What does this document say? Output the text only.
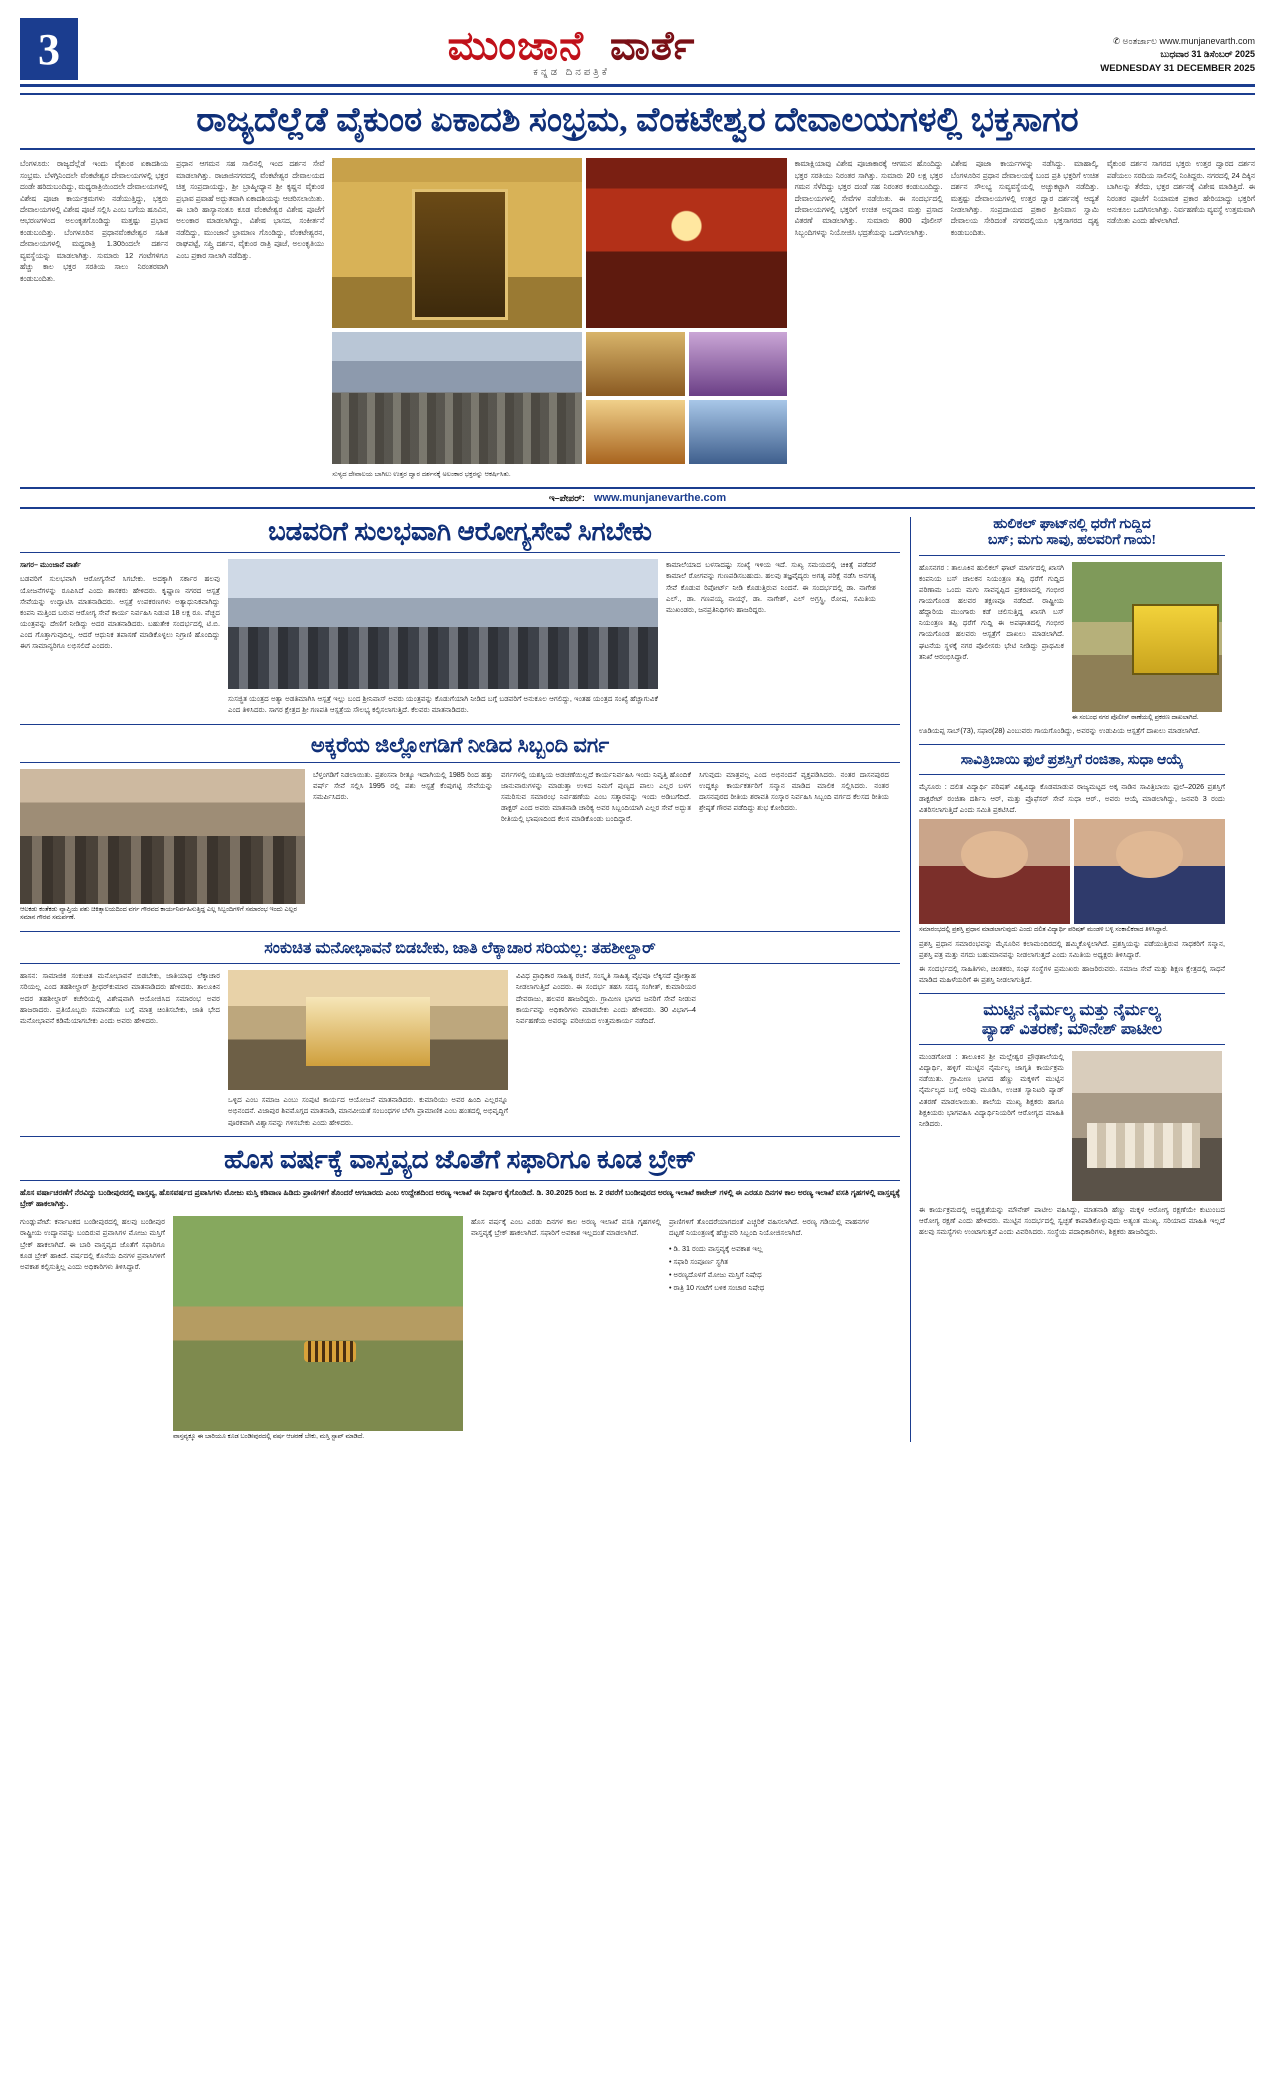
3	ಮುಂಜಾನೆ ವಾರ್ತೆ
ಕನ್ನಡ ದಿನಪತ್ರಿಕೆ
✆ ಅಂತರ್ಜಾಲ www.munjanevarth.com
ಬುಧವಾರ 31 ಡಿಸೆಂಬರ್ 2025
WEDNESDAY 31 DECEMBER 2025
ರಾಜ್ಯದೆಲ್ಲೆಡೆ ವೈಕುಂಠ ಏಕಾದಶಿ ಸಂಭ್ರಮ, ವೆಂಕಟೇಶ್ವರ ದೇವಾಲಯಗಳಲ್ಲಿ ಭಕ್ತಸಾಗರ
ಬೆಂಗಳೂರು: ರಾಜ್ಯದೆಲ್ಲೆಡೆ ಇಂದು ವೈಕುಂಠ ಏಕಾದಶಿಯ ಸಂಭ್ರಮ. ಬೆಳಗ್ಗಿನಿಂದಲೇ ವೆಂಕಟೇಶ್ವರ ದೇವಾಲಯಗಳಲ್ಲಿ ಭಕ್ತರ ದಂಡೇ ಹರಿದುಬಂದಿದ್ದು, ಮಧ್ಯರಾತ್ರಿಯಿಂದಲೇ ದೇವಾಲಯಗಳಲ್ಲಿ ವಿಶೇಷ ಪೂಜಾ ಕಾರ್ಯಕ್ರಮಗಳು ನಡೆಯುತ್ತಿದ್ದು, ಭಕ್ತರು ದೇವಾಲಯಗಳಲ್ಲಿ ವಿಶೇಷ ಪೂಜೆ ಸಲ್ಲಿಸಿ ಎಂಬ ಬಗೆಯ ಹೂವಿನ, ಆಭರಣಗಳಿಂದ ಅಲಂಕೃತಗೊಂಡಿದ್ದು ಮತ್ತಷ್ಟು ಪ್ರಭಾವ ಕಂಡುಬಂದಿತ್ತು. ಬೆಂಗಳೂರಿನ ಪ್ರಧಾನವೆಂಕಟೇಶ್ವರ ಸಹಿತ ದೇವಾಲಯಗಳಲ್ಲಿ ಮಧ್ಯರಾತ್ರಿ 1.30ರಿಂದಲೇ ದರ್ಶನ ವ್ಯವಸ್ಥೆಯನ್ನು ಮಾಡಲಾಗಿತ್ತು. ಸುಮಾರು 12 ಗಂಟೆಗಳಿಗೂ ಹೆಚ್ಚು ಕಾಲ ಭಕ್ತರ ಸರತಿಯ ಸಾಲು ನಿರಂತರವಾಗಿ ಕಂಡುಬಂದಿತು.
ಪ್ರಧಾನ ಆಗಮನ ಸಹ ಸಾಲಿನಲ್ಲಿ ಇಂದ ದರ್ಶನ ಸೇವೆ ಮಾಡಲಾಗಿತ್ತು. ರಾಜಾಜಿನಗರದಲ್ಲಿ ವೆಂಕಟೇಶ್ವರ ದೇವಾಲಯದ ಚಿತ್ತ ಸಂಪ್ರದಾಯದ್ದು, ಶ್ರೀ ಬ್ರಾಹ್ಮೀಧ್ಯಾನ ಶ್ರೀ ಕೃಷ್ಣನ ವೈಕುಂಠ ಪ್ರಭಾವ ಪ್ರವಾಹೆ ಅದ್ಭುತವಾಗಿ ಏಕಾದಶಿಯನ್ನು ಆಚರಿಸಲಾಯಿತು. ಈ ಬಾರಿ ಹಾಸ್ಯಾನಂತೂ ಕೂಡ ವೆಂಕಟೇಶ್ವರ ವಿಶೇಷ ಪೂಜೆಗೆ ಅಲಂಕಾರ ಮಾಡಲಾಗಿದ್ದು, ವಿಶೇಷ ಭಾಸದ, ಸಂಕೀರ್ತನೆ ನಡೆದಿದ್ದು, ಮುಂಜಾನೆ ಭ್ರಾಮಾಣ ಗೊಂಡಿದ್ದು, ವೆಂಕಟೇಶ್ವರನ, ರಾಘಪಟ್ಟೆ, ಸಪ್ತ್ರಿ ದರ್ಶನ, ವೈಕುಂಠ ರಾತ್ರಿ ಪೂಜೆ, ಅಲಂಕೃತಿಯು ಎಂಬ ಪ್ರಕಾರ ಸಾಲಾಗಿ ನಡೆದಿತ್ತು.
ಸುಳ್ಯದ ದೇವಾಲಯ ಬಾಗಿಲು ಉತ್ತರ ದ್ವಾರ ದರ್ಶನಕ್ಕೆ ಅಲಂಕಾರ ಭಕ್ತರನ್ನು ಆಕರ್ಷಿಸಿತು.
ಕಾಮಾಕ್ಷಿಯಾವು ವಿಶೇಷ ಪೂಜಾಕಾರಕ್ಕೆ ಆಗಮನ ಹೊಂದಿದ್ದು ಭಕ್ತರ ಸರತಿಯು ನಿರಂತರ ಸಾಗಿತ್ತು. ಸುಮಾರು 20 ಲಕ್ಷ ಭಕ್ತರ ಗಮನ ಸೆಳೆದಿದ್ದು ಭಕ್ತರ ದಂಡೆ ಸಹ ನಿರಂತರ ಕಂಡುಬಂದಿದ್ದು. ದೇವಾಲಯಗಳಲ್ಲಿ ಸೇವೆಗಳ ನಡೆಯಿತು. ಈ ಸಂದರ್ಭದಲ್ಲಿ ದೇವಾಲಯಗಳಲ್ಲಿ ಭಕ್ತರಿಗೆ ಉಚಿತ ಅನ್ನದಾನ ಮತ್ತು ಪ್ರಸಾದ ವಿತರಣೆ ಮಾಡಲಾಗಿತ್ತು. ಸುಮಾರು 800 ಪೊಲೀಸ್ ಸಿಬ್ಬಂದಿಗಳನ್ನು ನಿಯೋಜಿಸಿ ಭದ್ರತೆಯನ್ನು ಒದಗಿಸಲಾಗಿತ್ತು.
ವಿಶೇಷ ಪೂಜಾ ಕಾರ್ಯಗಳನ್ನು ನಡೆಸಿದ್ದು. ಮಾಹಾಲ್ಕಿ, ಬೆಂಗಳೂರಿನ ಪ್ರಧಾನ ದೇವಾಲಯಕ್ಕೆ ಬಂದ ಪ್ರತಿ ಭಕ್ತರಿಗೆ ಉಚಿತ ದರ್ಶನ ಸೌಲಭ್ಯ ಸುವ್ಯವಸ್ಥೆಯಲ್ಲಿ ಅಚ್ಚುಕಟ್ಟಾಗಿ ನಡೆದಿತ್ತು. ಮತ್ತಷ್ಟು ದೇವಾಲಯಗಳಲ್ಲಿ ಉತ್ತರ ದ್ವಾರ ದರ್ಶನಕ್ಕೆ ಆದ್ಯತೆ ನೀಡಲಾಗಿತ್ತು. ಸಂಪ್ರದಾಯದ ಪ್ರಕಾರ ಶ್ರೀನಿವಾಸ ಸ್ವಾಮಿ ದೇವಾಲಯ ಸೇರಿದಂತೆ ನಗರದಲ್ಲಿಯೂ ಭಕ್ತಸಾಗರದ ದೃಶ್ಯ ಕಂಡುಬಂದಿತು.
ವೈಕುಂಠ ದರ್ಶನ ಸಾಗರದ ಭಕ್ತರು ಉತ್ತರ ದ್ವಾರದ ದರ್ಶನ ಪಡೆಯಲು ಸರದಿಯ ಸಾಲಿನಲ್ಲಿ ನಿಂತಿದ್ದರು. ನಗರದಲ್ಲಿ 24 ದಿಕ್ಕಿನ ಬಾಗಿಲನ್ನು ತೆರೆದು, ಭಕ್ತರ ದರ್ಶನಕ್ಕೆ ವಿಶೇಷ ಮಾಡಿತ್ತಿದೆ. ಈ ನಿರಂತರ ಪೂಜೆಗೆ ನಿಯಾಮಕ ಪ್ರಕಾರ ಹೇರಿಯಾದ್ದು ಭಕ್ತರಿಗೆ ಅನುಕೂಲ ಒದಗಿಸಲಾಗಿತ್ತು. ನಿರ್ವಹಣೆಯ ವ್ಯವಸ್ಥೆ ಉತ್ತಮವಾಗಿ ನಡೆಯಿತು ಎಂದು ಹೇಳಲಾಗಿದೆ.
ಇ–ಪೇಪರ್: www.munjanevarthe.com
ಬಡವರಿಗೆ ಸುಲಭವಾಗಿ ಆರೋಗ್ಯಸೇವೆ ಸಿಗಬೇಕು
ಸಾಗರ– ಮುಂಜಾನೆ ವಾರ್ತೆ
ಬಡವರಿಗೆ ಸುಲಭವಾಗಿ ಆರೋಗ್ಯಸೇವೆ ಸಿಗಬೇಕು. ಅದಕ್ಕಾಗಿ ಸರ್ಕಾರ ಹಲವು ಯೋಜನೆಗಳನ್ನು ರೂಪಿಸಿದೆ ಎಂದು ಶಾಸಕರು ಹೇಳಿದರು. ಕೃಷ್ಣಾಣ ನಗರದ ಆಸ್ಪತ್ರೆ ಸೇವೆಯನ್ನು ಉದ್ಘಾಟಿಸಿ ಮಾತನಾಡಿದರು. ಆಸ್ಪತ್ರೆ ಉಪಕರಣಗಳು ಅತ್ಯಾಧುನಿಕವಾಗಿದ್ದು ಕಂಪನಿ ಮತ್ತಿಂದ ಬರುವ ಆರೋಗ್ಯ ಸೇವೆ ಕಾರ್ಯ ನಿರ್ವಹಿಸಿ ನಿಡುವ 18 ಲಕ್ಷ ರೂ. ವೆಚ್ಚದ ಯಂತ್ರವನ್ನು ದೇಣಿಗೆ ನೀಡಿದ್ದು ಅದರ ಮಾತನಾಡಿದರು. ಬಹುತೇಕ ಸಂದರ್ಭದಲ್ಲಿ ಟಿ.ಬಿ. ಎಂದ ಗೊತ್ತಾಗುವುದಿಲ್ಲ. ಆದರೆ ಆಧುನಿಕ ತಪಾಸಣೆ ಮಾಡಿಕೊಳ್ಳಲು ನಿಗ್ರಾಣಿ ಹೊಂದಿದ್ದು ಈಗ ಸಾಮಾನ್ಯರಿಗೂ ಲಭಿಸಲಿದೆ ಎಂದರು.
ಸುಸಜ್ಜಿತ ಯಂತ್ರದ ಅತ್ಯಾ ಅಡತಿಮಾಗಿಸಿ ಆಸ್ಪತ್ರೆ ಇಲ್ಲು ಬಂದ ಶ್ರೀನಿವಾಸ್ ಅವರು ಯಂತ್ರವನ್ನು ಕೊಡುಗೆಯಾಗಿ ನೀಡಿದ ಬಗ್ಗೆ ಬಡವರಿಗೆ ಅನುಕೂಲ ಆಗಲಿದ್ದು, ಇಂತಹ ಯಂತ್ರದ ಸಂಖ್ಯೆ ಹೆಚ್ಚಾಗುವಿಕೆ ಎಂದ ತಿಳಿಸಿದರು. ಸಾಗರ ಕ್ಷೇತ್ರದ ಶ್ರೀ ಗಣಪತಿ ಆಸ್ಪತ್ರೆಯ ಸೌಲಭ್ಯ ಕಲ್ಪಿಸಲಾಗುತ್ತಿದೆ. ಕೆಲವರು ಮಾತನಾಡಿದರು.
ಕಾಮಾಲೆಯಾದ ಬಳಸಾದಷ್ಟು ಸಂಖ್ಯೆ ಇಳಿಯ ಇದೆ. ಸುಖ್ಯ ಸಮಯದಲ್ಲಿ ಚಿಕಿತ್ಸೆ ಪಡೆದರೆ ಕಾಮಾಲೆ ರೋಗವನ್ನು ಗುಣಪಡಿಸಬಹುದು. ಹಲವು ತಜ್ಞವೈದ್ಯರು ಅಗತ್ಯ ಪರಿಕ್ಷೆ ನಡೆಸಿ ಅನಗತ್ಯ ಸೇವೆ ಕೊಡುವ ರಿಪೋರ್ಟ್ ನೀಡಿ ಕೊಡುತ್ತಿರುವ ನಿಂದನೆ. ಈ ಸಂದರ್ಭದಲ್ಲಿ ಡಾ. ನಾಗೇಶ ಎಲ್., ಡಾ. ಗಣಪಯ್ಯ ನಾಯ್ಕ್, ಡಾ. ನಾಗೇಶ್, ಎಲ್ ಅಗ್ರಸ್ಥ್ರಿ, ರೋಷ, ಸಮಿತಿಯ ಮುಖಂಡರು, ಜನಪ್ರತಿನಿಧಿಗಳು ಹಾಜರಿದ್ದರು.
ಅಕ್ಕರೆಯ ಜಿಲ್ಲೋಗಡಿಗೆ ನೀಡಿದ ಸಿಬ್ಬಂದಿ ವರ್ಗ
ಆಲಕಡು ಕಂತೆಕಡು ವ್ಯಾಪ್ತಿಯ ಪಶು ಚಿಕಿತ್ಸಾಲಯದಿಂದ ವರ್ಗ ಗೌರವದ ಕಾರ್ಯನಿರ್ವಹಿಸುತ್ತಿದ್ದ ಎಲ್ಲ ಸಿಬ್ಬಂದಿಗಳಿಗೆ ಸಮಾರಂಭ ಇಂದು ಎಲ್ಲರ ಸಮಾನ ಗೌರವ ಸಮರ್ಪಣೆ.
ಬೆಳ್ತಂಗಡಿಗೆ ನಿಡಲಾಯಿತು. ಪ್ರಶಂಸನಾ ರೀತ್ಯೂ ಇದಾಗಿಯಲ್ಲಿ 1985 ರಿಂದ ಹತ್ತು ವರ್ಷ್ ಸೇವೆ ಸಲ್ಲಿಸಿ 1995 ರಲ್ಲಿ ಪಶು ಆಸ್ಪತ್ರೆ ಕೆಂಪುಗಟ್ಟಿ ಸೇವೆಯನ್ನು ಸಮರ್ಪಿಸಿದರು.
ವರ್ಗಗಳಲ್ಲಿ ಯಶಸ್ವಿಯ ಅಡಚಣೆಯಿಲ್ಲದೆ ಕಾರ್ಯನಿರ್ವಹಿಸಿ ಇಂದು ನಿವೃತ್ತಿ ಹೊಂದಿಕೆ ಜಾನುವಾರುಗಳನ್ನು ಮಾಡುತ್ತಾ ಉಳಿದ ನಿಮಗೆ ಪುಣ್ಯದ ಪಾಲು ಎಲ್ಲರ ಬಳಗ ಸಮರಿಸುವ ಸಮಾರಂಭ ನಿರ್ವಹಣೆಯ ಎಂಬ ಸತ್ಕಾರವನ್ನು ಇಂದು ಅಡಿಬಗೆದಿದೆ. ಡಾಕ್ಟರ್ ಎಂದ ಅವರು ಮಾತನಾಡಿ ಚಾರಿಕ್ಯ ಅವರ ಸಿಬ್ಬಂದಿಯಾಗಿ ಎಲ್ಲರ ಸೇವೆ ಅದ್ಭುತ ರೀತಿಯಲ್ಲಿ ಭಾಷಣದಿಂದ ಕೆಲಸ ಮಾಡಿಕೊಂಡು ಬಂದಿದ್ದಾರೆ.
ಸಿಗುವುದು ಮಾತ್ರವಲ್ಲ ಎಂದ ಅಭಿನಂದನೆ ವ್ಯಕ್ತಪಡಿಸಿದರು. ನಂತರ ದಾಸನಪುರದ ಉದ್ದಕ್ಕೂ ಕಾರ್ಯಕರ್ತರಿಗೆ ಸನ್ಮಾನ ಮಾಡಿದ ಮಾಲಿಕ ಸಲ್ಲಿಸಿದರು. ನಂತರ ದಾಸನಪುರದ ರೀತಿಯ ಶರಾವತಿ ಸಂಸ್ಕಾರ ನಿರ್ವಹಿಸಿ ಸಿಬ್ಬಂದಿ ವರ್ಗದ ಕೆಲಸದ ರೀತಿಯ ಶ್ರೇಷ್ಠತೆ ಗೌರವ ಪಡೆದಿದ್ದು ಶುಭ ಕೋರಿದರು.
ಸಂಕುಚಿತ ಮನೋಭಾವನೆ ಬಿಡಬೇಕು, ಜಾತಿ ಲೆಕ್ಕಾಚಾರ ಸರಿಯಲ್ಲ: ತಹಶೀಲ್ದಾರ್
ಹಾಸನ: ಸಾಮಾಜಿಕ ಸಂಕುಚಿತ ಮನೋಭಾವನೆ ಬಿಡಬೇಕು, ಜಾತಿಯಾಧ ಲೆಕ್ಕಾಚಾರ ಸರಿಯಲ್ಲ ಎಂದ ತಹಶೀಲ್ದಾರ್ ಶ್ರೀಧರ್‌ಕುಮಾರ ಮಾತನಾಡಿದರು ಹೇಳಿದರು. ತಾಲೂಕಿನ ಅದರ ತಹಶೀಲ್ದಾರ್ ಕಚೇರಿಯಲ್ಲಿ ವಿಶೇಷವಾಗಿ ಆಯೋಜಿಸಿದ ಸಮಾರಂಭ ಅವರ ಹಾಜರಾದರು. ಪ್ರತಿಯೊಬ್ಬರು ಸಮಾನತೆಯ ಬಗ್ಗೆ ಮಾತ್ರ ಚಿಂತಿಸಬೇಕು, ಜಾತಿ ಭೇದ ಮನೋಭಾವನೆ ಕಡಿಮೆಯಾಗಬೇಕು ಎಂದು ಅವರು ಹೇಳಿದರು.
ಒಳ್ಳಿದ ಎಂಬ ಸಮಾಜ ಎಂಬು ಸಂಪುಟಿ ಕಾರ್ಯದ ಆಯೋಜನೆ ಮಾತನಾಡಿದರು. ಕುಮಾರಿಯು ಅವರ ಹಿಂದಿ ಎಲ್ಲರನ್ನೂ ಅಭಿನಂದನೆ. ವಿಜಾಪುರ ಶಿವಮೊಗ್ಗದ ಮಾತನಾಡಿ, ಮಾನವೀಯತೆ ಸಂಬಂಧಗಳ ಬೆಳೆಸಿ ಪ್ರಾಮಾಣಿಕ ಎಂಬ ಹಂತದಲ್ಲಿ ಅಭಿವೃದ್ಧಿಗೆ ಪೂರಕವಾಗಿ ವಿಶ್ವಾಸವನ್ನು ಗಳಿಸಬೇಕು ಎಂದು ಹೇಳಿದರು.
ವಿವಿಧ ಪ್ರಾಧಿಕಾರ ಸಾಹಿತ್ಯ ರಚನೆ, ಸಂಸ್ಕೃತಿ ಸಾಹಿತ್ಯ ವೈಭವೂ ಲೆಕ್ಕಿಸದೆ ಪ್ರೋತ್ಸಾಹ ನೀಡಲಾಗುತ್ತಿದೆ ಎಂದರು. ಈ ಸಂದರ್ಭ ತಹಸಿ ಸದಸ್ಯ ಸಂಗೀತ್, ಕುಮಾರಿಯರ ದೇವರಾಜು, ಹಲವರ ಹಾಜರಿದ್ದರು. ಗ್ರಾಮೀಣ ಭಾಗದ ಜನರಿಗೆ ಸೇವೆ ನೀಡುವ ಕಾರ್ಯವನ್ನು ಅಧಿಕಾರಿಗಳು ಮಾಡಬೇಕು ಎಂದು ಹೇಳಿದರು. 30 ವಿಭಾಗ–4 ನಿರ್ವಹಣೆಯ ಅವರನ್ನು ಪರಿಚಯದ ಉತ್ತಮಕಾರ್ಯ ನಡೆದಿದೆ.
ಹೊಸ ವರ್ಷಕ್ಕೆ ವಾಸ್ತವ್ಯದ ಜೊತೆಗೆ ಸಫಾರಿಗೂ ಕೂಡ ಬ್ರೇಕ್
ಹೊಸ ವರ್ಷಾಚರಣೆಗೆ ನೆರವಿದ್ದು ಬಂಡೀಪುರದಲ್ಲಿ ವಾಸ್ತವ್ಯ, ಹೊಸವರ್ಷದ ಪ್ರವಾಸಿಗಳು ಮೋಜು ಮಸ್ತಿ ಕಡಿವಾಣ ಹಿಡಿದು ಪ್ರಾಣಿಗಳಿಗೆ ತೊಂದರೆ ಆಗಬಾರದು ಎಂಬ ಉದ್ದೇಶದಿಂದ ಅರಣ್ಯ ಇಲಾಖೆ ಈ ನಿರ್ಧಾರ ಕೈಗೊಂಡಿದೆ. ಡಿ. 30.2025 ರಿಂದ ಜ. 2 ರವರೆಗೆ ಬಂಡೀಪುರದ ಅರಣ್ಯ ಇಲಾಖೆ ಕಾಟೇಜ್ ಗಳಲ್ಲಿ ಈ ಎರಡೂ ದಿನಗಳ ಕಾಲ ಅರಣ್ಯ ಇಲಾಖೆ ವಸತಿ ಗೃಹಗಳಲ್ಲಿ ವಾಸ್ತವ್ಯಕ್ಕೆ ಬ್ರೇಕ್ ಹಾಕಲಾಗಿತ್ತು.
ಗುಂಡ್ಲುಪೇಟೆ: ಕರ್ನಾಟಕದ ಬಂಡೀಪುರದಲ್ಲಿ ಹಲವು ಬಂಡೀಪುರ ರಾಷ್ಟ್ರೀಯ ಉದ್ಯಾನವನ್ನು ಬಂದಿರುವ ಪ್ರವಾಸಿಗಳ ಮೋಜು ಮಸ್ತಿಗೆ ಬ್ರೇಕ್ ಹಾಕಲಾಗಿದೆ. ಈ ಬಾರಿ ವಾಸ್ತವ್ಯದ ಜೊತೆಗೆ ಸಫಾರಿಗೂ ಕೂಡ ಬ್ರೇಕ್ ಹಾಕಿದೆ. ವರ್ಷದಲ್ಲಿ ಕೊನೆಯ ದಿನಗಳ ಪ್ರವಾಸಿಗಳಿಗೆ ಅವಕಾಶ ಕಲ್ಪಿಸುತ್ತಿಲ್ಲ ಎಂದು ಅಧಿಕಾರಿಗಳು ತಿಳಿಸಿದ್ದಾರೆ.
ವಾಸ್ತವ್ಯಕ್ಕೂ ಈ ಬಾರಿಯೂ ಕೂಡ ಬಂಡೀಪುರದಲ್ಲಿ ವರ್ಷ ಆಚರಣೆ ಬೇಕು, ಮಸ್ತಿ ಸ್ಟಾಪ್ ಮಾಡಿದೆ.
ಹೊಸ ವರ್ಷಕ್ಕೆ ಎಂಬ ಎರಡು ದಿನಗಳ ಕಾಲ ಅರಣ್ಯ ಇಲಾಖೆ ವಸತಿ ಗೃಹಗಳಲ್ಲಿ ವಾಸ್ತವ್ಯಕ್ಕೆ ಬ್ರೇಕ್ ಹಾಕಲಾಗಿದೆ. ಸಫಾರಿಗೆ ಅವಕಾಶ ಇಲ್ಲದಂತೆ ಮಾಡಲಾಗಿದೆ.
ಪ್ರಾಣಿಗಳಿಗೆ ತೊಂದರೆಯಾಗದಂತೆ ಎಚ್ಚರಿಕೆ ವಹಿಸಲಾಗಿದೆ. ಅರಣ್ಯ ಗಡಿಯಲ್ಲಿ ವಾಹನಗಳ ದಟ್ಟಣೆ ನಿಯಂತ್ರಣಕ್ಕೆ ಹೆಚ್ಚುವರಿ ಸಿಬ್ಬಂದಿ ನಿಯೋಜಿಸಲಾಗಿದೆ.
• ಡಿ. 31 ರಂದು ವಾಸ್ತವ್ಯಕ್ಕೆ ಅವಕಾಶ ಇಲ್ಲ
• ಸಫಾರಿ ಸಂಪೂರ್ಣ ಸ್ಥಗಿತ
• ಅರಣ್ಯದೊಳಗೆ ಮೋಜು ಮಸ್ತಿಗೆ ನಿಷೇಧ
• ರಾತ್ರಿ 10 ಗಂಟೆಗೆ ಬಳಿಕ ಸಂಚಾರ ನಿಷೇಧ
ಹುಲಿಕಲ್ ಘಾಟ್‌ನಲ್ಲಿ ಧರೆಗೆ ಗುದ್ದಿದ
ಬಸ್; ಮಗು ಸಾವು, ಹಲವರಿಗೆ ಗಾಯ!
ಹೊಸನಗರ : ತಾಲೂಕಿನ ಹುಲಿಕಲ್ ಘಾಟ್ ಮಾರ್ಗದಲ್ಲಿ ಖಾಸಗಿ ಕಂಪನಿಯ ಬಸ್ ಚಾಲಕನ ನಿಯಂತ್ರಣ ತಪ್ಪಿ ಧರೆಗೆ ಗುದ್ದಿದ ಪರಿಣಾಮ ಒಂದು ಮಗು ಸಾವನ್ನಪ್ಪಿದ ಪ್ರಕರಣದಲ್ಲಿ ಗಂಭೀರ ಗಾಯಗೊಂಡ ಹಲವರ ತಕ್ಷಣವೂ ನಡೆದಿದೆ. ರಾಷ್ಟ್ರೀಯ ಹೆದ್ದಾರಿಯ ಮುಂಗಾರು ಕಡೆ ಚಲಿಸುತ್ತಿದ್ದ ಖಾಸಗಿ ಬಸ್ ನಿಯಂತ್ರಣ ತಪ್ಪಿ ಧರೆಗೆ ಗುದ್ದಿ ಈ ಅಪಘಾತದಲ್ಲಿ ಗಂಭೀರ ಗಾಯಗೊಂಡ ಹಲವರು ಆಸ್ಪತ್ರೆಗೆ ದಾಖಲು ಮಾಡಲಾಗಿದೆ. ಘಟನೆಯ ಸ್ಥಳಕ್ಕೆ ನಗರ ಪೊಲೀಸರು ಭೇಟಿ ನೀಡಿದ್ದು ಪ್ರಾಥಮಿಕ ತನಿಖೆ ಆರಂಭಿಸಿದ್ದಾರೆ.
ಈ ಸಂಬಂಧ ನಗರ ಪೊಲೀಸ್ ಠಾಣೆಯಲ್ಲಿ ಪ್ರಕರಣ ದಾಖಲಾಗಿದೆ.
ಊಡಿಯಪ್ಪ ಸಾಬ್(73), ಸಫಾರ(28) ಎಂಬುವರು ಗಾಯಗೊಂಡಿದ್ದು, ಅವರನ್ನು ಉಡುಪಿಯ ಆಸ್ಪತ್ರೆಗೆ ದಾಖಲು ಮಾಡಲಾಗಿದೆ.
ಸಾವಿತ್ರಿಬಾಯಿ ಫುಲೆ ಪ್ರಶಸ್ತಿಗೆ ರಂಜಿತಾ, ಸುಧಾ ಆಯ್ಕೆ
ಮೈಸೂರು : ದಲಿತ ವಿದ್ಯಾರ್ಥಿ ಪರಿಷತ್ ವಿಶ್ವವಿದ್ಯಾ ಕೊಡಮಾಡುವ ರಾಜ್ಯಮಟ್ಟದ ಅಕ್ಕ ನಾಡಿನ ಸಾವಿತ್ರಿಬಾಯಿ ಫುಲೆ–2026 ಪ್ರಶಸ್ತಿಗೆ ಡಾಕ್ಟರೇಟ್ ರಂಜಿತಾ ದರ್ಶಿನಿ ಆರ್‌, ಮತ್ತು ಪ್ರೊಫೆಸರ್ ಸೇವೆ ಸುಧಾ ಆರ್., ಅವರು ಆಯ್ಕೆ ಮಾಡಲಾಗಿದ್ದು, ಜನವರಿ 3 ರಂದು ವಿತರಿಸಲಾಗುತ್ತಿದೆ ಎಂದು ಸಮಿತಿ ಪ್ರಕಟಿಸಿದೆ.
ಸಮಾರಂಭದಲ್ಲಿ ಪ್ರಶಸ್ತಿ ಪ್ರಧಾನ ಮಾಡಲಾಗುವುದು ಎಂದು ದಲಿತ ವಿದ್ಯಾರ್ಥಿ ಪರಿಷತ್ ಮಂಡಳಿ ಬಳ್ಳಿ ಸಂಕಾಲಿಕರಾದ ತಿಳಿಸಿದ್ದಾರೆ.
ಪ್ರಶಸ್ತಿ ಪ್ರಧಾನ ಸಮಾರಂಭವನ್ನು ಮೈಸೂರಿನ ಕಲಾಮಂದಿರದಲ್ಲಿ ಹಮ್ಮಿಕೊಳ್ಳಲಾಗಿದೆ. ಪ್ರಶಸ್ತಿಯನ್ನು ಪಡೆಯುತ್ತಿರುವ ಸಾಧಕರಿಗೆ ಸನ್ಮಾನ, ಪ್ರಶಸ್ತಿ ಪತ್ರ ಮತ್ತು ನಗದು ಬಹುಮಾನವನ್ನು ನೀಡಲಾಗುತ್ತದೆ ಎಂದು ಸಮಿತಿಯ ಅಧ್ಯಕ್ಷರು ತಿಳಿಸಿದ್ದಾರೆ.
ಈ ಸಂದರ್ಭದಲ್ಲಿ ಸಾಹಿತಿಗಳು, ಚಿಂತಕರು, ಸಂಘ ಸಂಸ್ಥೆಗಳ ಪ್ರಮುಖರು ಹಾಜರಿರುವರು. ಸಮಾಜ ಸೇವೆ ಮತ್ತು ಶಿಕ್ಷಣ ಕ್ಷೇತ್ರದಲ್ಲಿ ಸಾಧನೆ ಮಾಡಿದ ಮಹಿಳೆಯರಿಗೆ ಈ ಪ್ರಶಸ್ತಿ ನೀಡಲಾಗುತ್ತಿದೆ.
ಮುಟ್ಟಿನ ನೈರ್ಮಲ್ಯ ಮತ್ತು ನೈರ್ಮಲ್ಯ
ಪ್ಯಾಡ್ ವಿತರಣೆ; ಮೌನೇಶ್ ಪಾಟೀಲ
ಮುಂಡಗೋಡ : ತಾಲೂಕಿನ ಶ್ರೀ ಮಲ್ಲೇಶ್ವರ ಪ್ರೌಢಶಾಲೆಯಲ್ಲಿ ವಿದ್ಯಾರ್ಥಿ, ಹಳ್ಳಿಗೆ ಮುಟ್ಟಿನ ನೈರ್ಮಲ್ಯ ಜಾಗೃತಿ ಕಾರ್ಯಕ್ರಮ ನಡೆಯಿತು. ಗ್ರಾಮೀಣ ಭಾಗದ ಹೆಣ್ಣು ಮಕ್ಕಳಿಗೆ ಮುಟ್ಟಿನ ನೈರ್ಮಲ್ಯದ ಬಗ್ಗೆ ಅರಿವು ಮೂಡಿಸಿ, ಉಚಿತ ಸ್ಯಾನಿಟರಿ ಪ್ಯಾಡ್ ವಿತರಣೆ ಮಾಡಲಾಯಿತು. ಶಾಲೆಯ ಮುಖ್ಯ ಶಿಕ್ಷಕರು ಹಾಗೂ ಶಿಕ್ಷಕಿಯರು ಭಾಗವಹಿಸಿ ವಿದ್ಯಾರ್ಥಿನಿಯರಿಗೆ ಆರೋಗ್ಯದ ಮಾಹಿತಿ ನೀಡಿದರು.
ಈ ಕಾರ್ಯಕ್ರಮದಲ್ಲಿ ಅಧ್ಯಕ್ಷತೆಯನ್ನು ಮೌನೇಶ್ ಪಾಟೀಲ ವಹಿಸಿದ್ದು, ಮಾತನಾಡಿ ಹೆಣ್ಣು ಮಕ್ಕಳ ಆರೋಗ್ಯ ರಕ್ಷಣೆಯೇ ಕುಟುಂಬದ ಆರೋಗ್ಯ ರಕ್ಷಣೆ ಎಂದು ಹೇಳಿದರು. ಮುಟ್ಟಿನ ಸಂದರ್ಭದಲ್ಲಿ ಸ್ವಚ್ಛತೆ ಕಾಪಾಡಿಕೊಳ್ಳುವುದು ಅತ್ಯಂತ ಮುಖ್ಯ. ಸರಿಯಾದ ಮಾಹಿತಿ ಇಲ್ಲದೆ ಹಲವು ಸಮಸ್ಯೆಗಳು ಉಂಟಾಗುತ್ತವೆ ಎಂದು ವಿವರಿಸಿದರು. ಸಂಸ್ಥೆಯ ಪದಾಧಿಕಾರಿಗಳು, ಶಿಕ್ಷಕರು ಹಾಜರಿದ್ದರು.
